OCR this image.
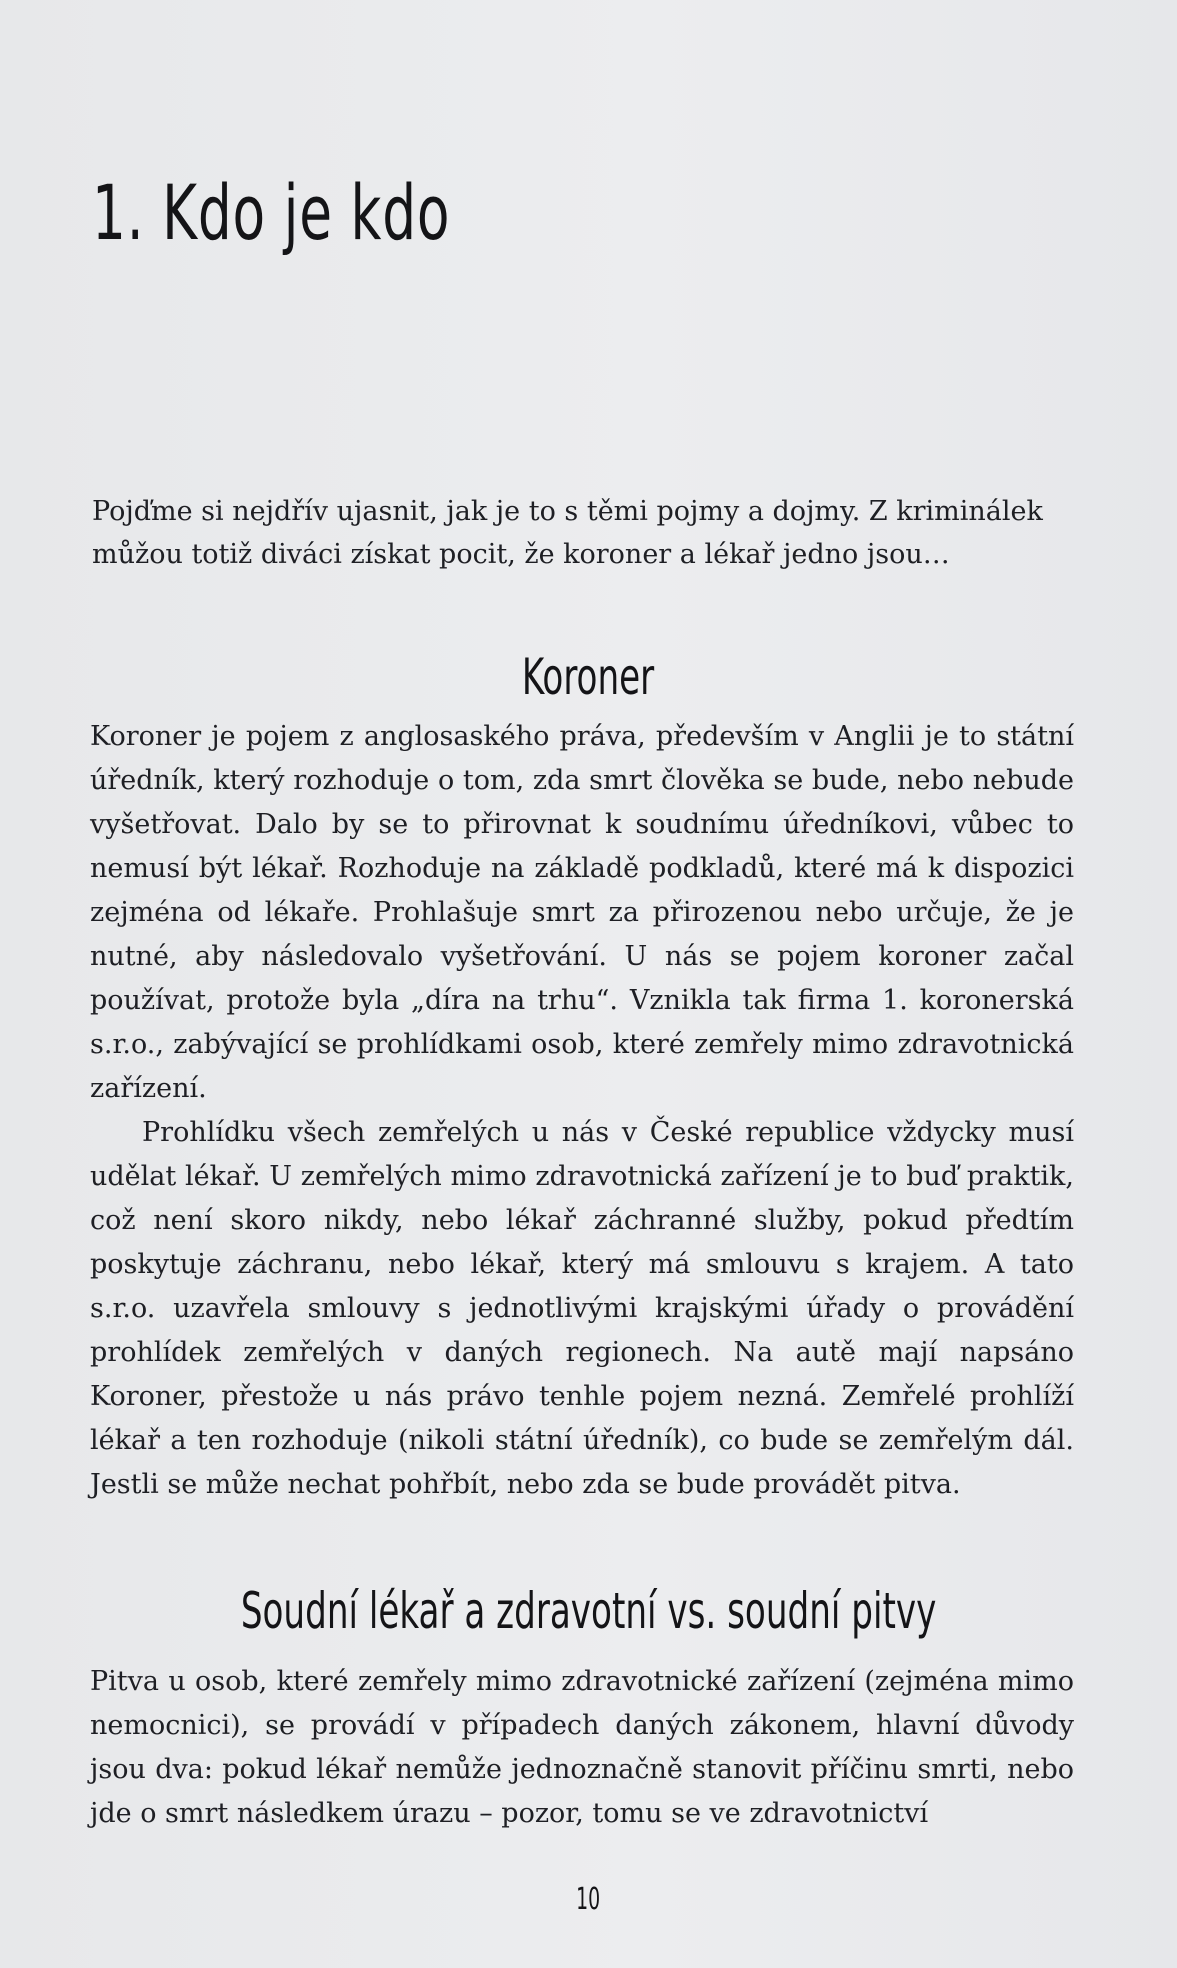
1. Kdo je kdo

Pojďme si nejdřív ujasnit, jak je to s těmi pojmy a dojmy. Z kriminálek můžou totiž diváci získat pocit, že koroner a lékař jedno jsou…

Koroner

Koroner je pojem z anglosaského práva, především v Anglii je to státní úředník, který rozhoduje o tom, zda smrt člověka se bude, nebo nebude vyšetřovat. Dalo by se to přirovnat k soudnímu úředníkovi, vůbec to nemusí být lékař. Rozhoduje na základě podkladů, které má k dispozici zejména od lékaře. Prohlašuje smrt za přirozenou nebo určuje, že je nutné, aby následovalo vyšetřování. U nás se pojem koroner začal používat, protože byla „díra na trhu“. Vznikla tak firma 1. koronerská s.r.o., zabývající se prohlídkami osob, které zemřely mimo zdravotnická zařízení.

Prohlídku všech zemřelých u nás v České republice vždycky musí udělat lékař. U zemřelých mimo zdravotnická zařízení je to buď praktik, což není skoro nikdy, nebo lékař záchranné služby, pokud předtím poskytuje záchranu, nebo lékař, který má smlouvu s krajem. A tato s.r.o. uzavřela smlouvy s jednotlivými krajskými úřady o provádění prohlídek zemřelých v daných regionech. Na autě mají napsáno Koroner, přestože u nás právo tenhle pojem nezná. Zemřelé prohlíží lékař a ten rozhoduje (nikoli státní úředník), co bude se zemřelým dál. Jestli se může nechat pohřbít, nebo zda se bude provádět pitva.

Soudní lékař a zdravotní vs. soudní pitvy

Pitva u osob, které zemřely mimo zdravotnické zařízení (zejména mimo nemocnici), se provádí v případech daných zákonem, hlavní důvody jsou dva: pokud lékař nemůže jednoznačně stanovit příčinu smrti, nebo jde o smrt následkem úrazu – pozor, tomu se ve zdravotnictví

10
